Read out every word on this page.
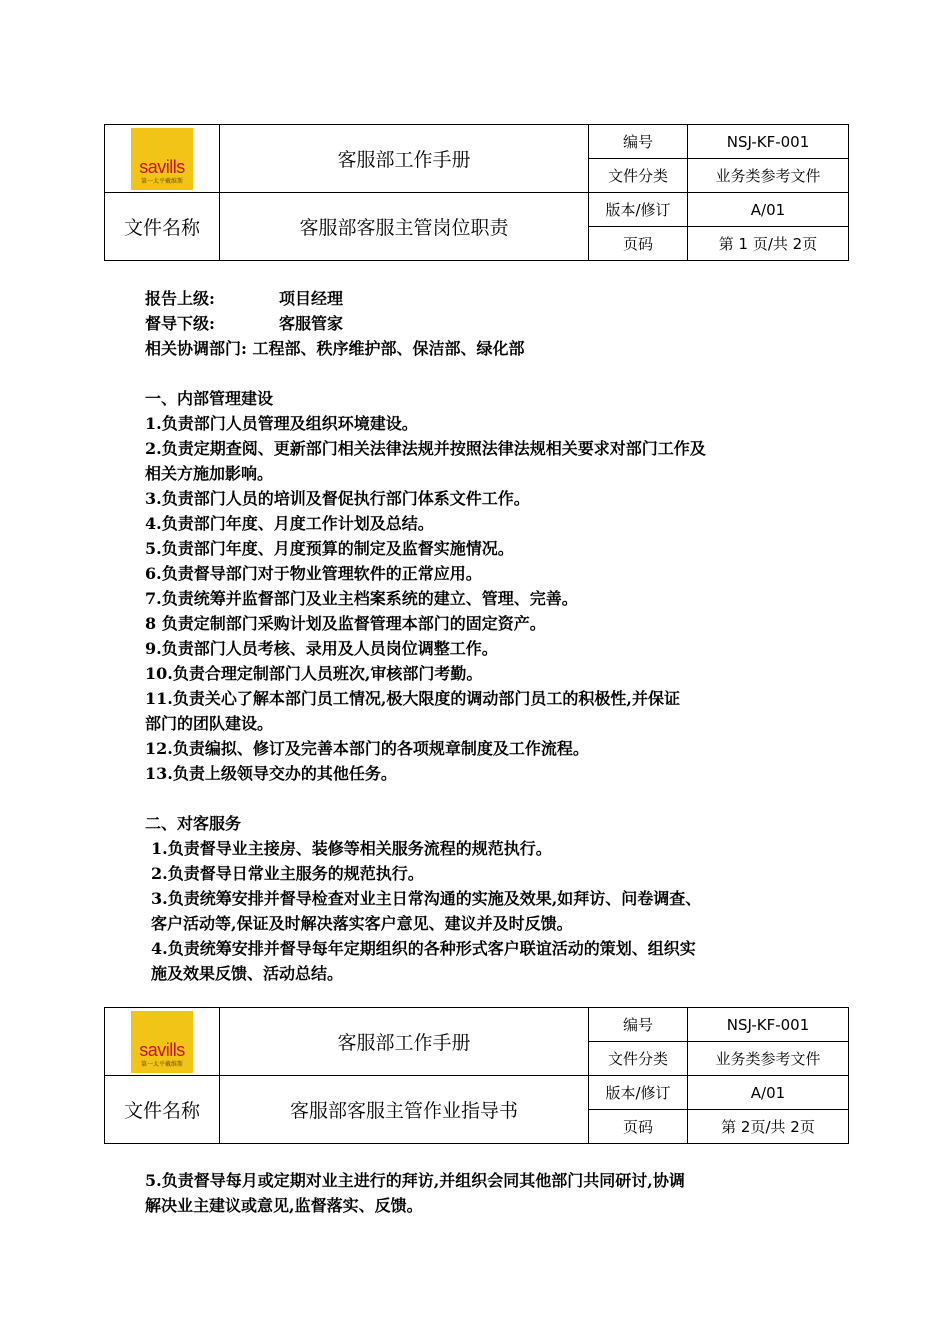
savills
第一太平戴维斯	客服部工作手册	编号	NSJ-KF-001
		文件分类	业务类参考文件
文件名称	客服部客服主管岗位职责	版本/修订	A/01
		页码	第 1 页/共 2页

报告上级:	项目经理

督导下级:	客服管家

相关协调部门: 工程部、秩序维护部、保洁部、绿化部

一、内部管理建设

1.负责部门人员管理及组织环境建设。

2.负责定期查阅、更新部门相关法律法规并按照法律法规相关要求对部门工作及

相关方施加影响。

3.负责部门人员的培训及督促执行部门体系文件工作。

4.负责部门年度、月度工作计划及总结。

5.负责部门年度、月度预算的制定及监督实施情况。

6.负责督导部门对于物业管理软件的正常应用。

7.负责统筹并监督部门及业主档案系统的建立、管理、完善。

8 负责定制部门采购计划及监督管理本部门的固定资产。

9.负责部门人员考核、录用及人员岗位调整工作。

10.负责合理定制部门人员班次,审核部门考勤。

11.负责关心了解本部门员工情况,极大限度的调动部门员工的积极性,并保证

部门的团队建设。

12.负责编拟、修订及完善本部门的各项规章制度及工作流程。

13.负责上级领导交办的其他任务。

二、对客服务

1.负责督导业主接房、装修等相关服务流程的规范执行。

2.负责督导日常业主服务的规范执行。

3.负责统筹安排并督导检查对业主日常沟通的实施及效果,如拜访、问卷调查、

客户活动等,保证及时解决落实客户意见、建议并及时反馈。

4.负责统筹安排并督导每年定期组织的各种形式客户联谊活动的策划、组织实

施及效果反馈、活动总结。

savills
第一太平戴维斯	客服部工作手册	编号	NSJ-KF-001
		文件分类	业务类参考文件
文件名称	客服部客服主管作业指导书	版本/修订	A/01
		页码	第 2页/共 2页

5.负责督导每月或定期对业主进行的拜访,并组织会同其他部门共同研讨,协调

解决业主建议或意见,监督落实、反馈。
